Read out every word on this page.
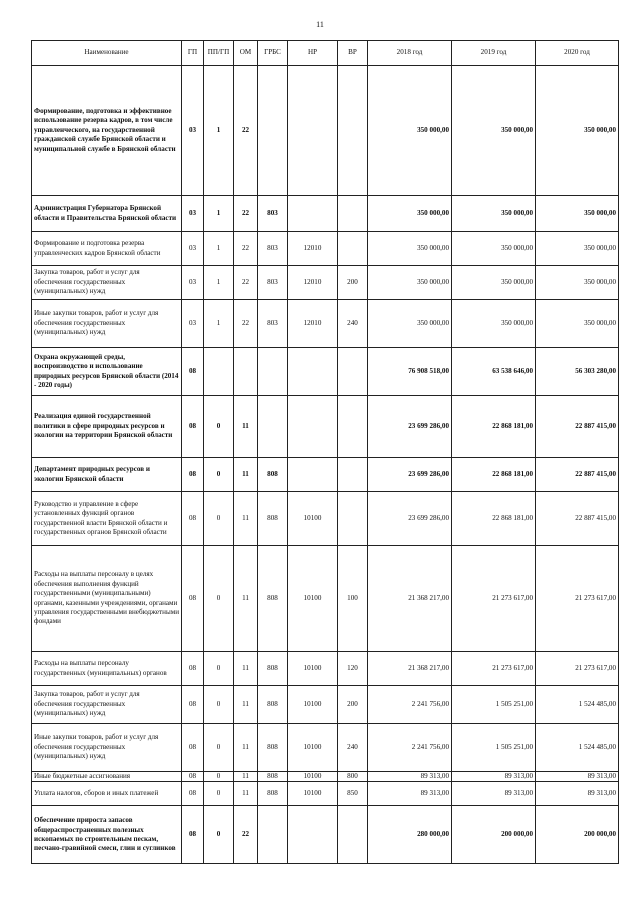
11
Наименование	ГП	ПП/ГП	ОМ	ГРБС	НР	ВР	2018 год	2019 год	2020 год
Формирование, подготовка и эффективное использование резерва кадров, в том числе управленческого, на государственной гражданской службе Брянской области и муниципальной службе в Брянской области	03	1	22				350 000,00	350 000,00	350 000,00
Администрация Губернатора Брянской области и Правительства Брянской области	03	1	22	803			350 000,00	350 000,00	350 000,00
Формирование и подготовка резерва управленческих кадров Брянской области	03	1	22	803	12010		350 000,00	350 000,00	350 000,00
Закупка товаров, работ и услуг для обеспечения государственных (муниципальных) нужд	03	1	22	803	12010	200	350 000,00	350 000,00	350 000,00
Иные закупки товаров, работ и услуг для обеспечения государственных (муниципальных) нужд	03	1	22	803	12010	240	350 000,00	350 000,00	350 000,00
Охрана окружающей среды, воспроизводство и использование природных ресурсов Брянской области (2014 - 2020 годы)	08						76 908 518,00	63 538 646,00	56 303 280,00
Реализация единой государственной политики в сфере природных ресурсов и экологии на территории Брянской области	08	0	11				23 699 286,00	22 868 181,00	22 887 415,00
Департамент природных ресурсов и экологии Брянской области	08	0	11	808			23 699 286,00	22 868 181,00	22 887 415,00
Руководство и управление в сфере установленных функций органов государственной власти Брянской области и государственных органов Брянской области	08	0	11	808	10100		23 699 286,00	22 868 181,00	22 887 415,00
Расходы на выплаты персоналу в целях обеспечения выполнения функций государственными (муниципальными) органами, казенными учреждениями, органами управления государственными внебюджетными фондами	08	0	11	808	10100	100	21 368 217,00	21 273 617,00	21 273 617,00
Расходы на выплаты персоналу государственных (муниципальных) органов	08	0	11	808	10100	120	21 368 217,00	21 273 617,00	21 273 617,00
Закупка товаров, работ и услуг для обеспечения государственных (муниципальных) нужд	08	0	11	808	10100	200	2 241 756,00	1 505 251,00	1 524 485,00
Иные закупки товаров, работ и услуг для обеспечения государственных (муниципальных) нужд	08	0	11	808	10100	240	2 241 756,00	1 505 251,00	1 524 485,00
Иные бюджетные ассигнования	08	0	11	808	10100	800	89 313,00	89 313,00	89 313,00
Уплата налогов, сборов и иных платежей	08	0	11	808	10100	850	89 313,00	89 313,00	89 313,00
Обеспечение прироста запасов общераспространенных полезных ископаемых по строительным пескам, песчано-гравийной смеси, глин и суглинков	08	0	22				280 000,00	200 000,00	200 000,00
